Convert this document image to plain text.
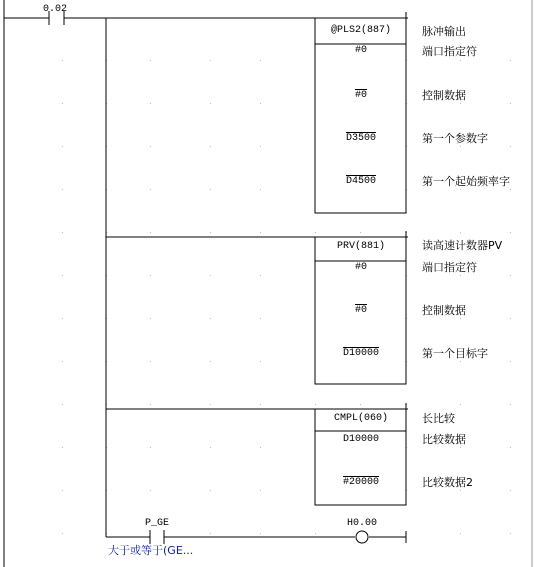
0.02
@PLS2(887)
#0
#0
D3500
D4500
脉冲输出
端口指定符
控制数据
第一个参数字
第一个起始频率字
PRV(881)
#0
#0
D10000
读高速计数器PV
端口指定符
控制数据
第一个目标字
CMPL(060)
D10000
#20000
长比较
比较数据
比较数据2
P_GE
大于或等于(GE...
H0.00
